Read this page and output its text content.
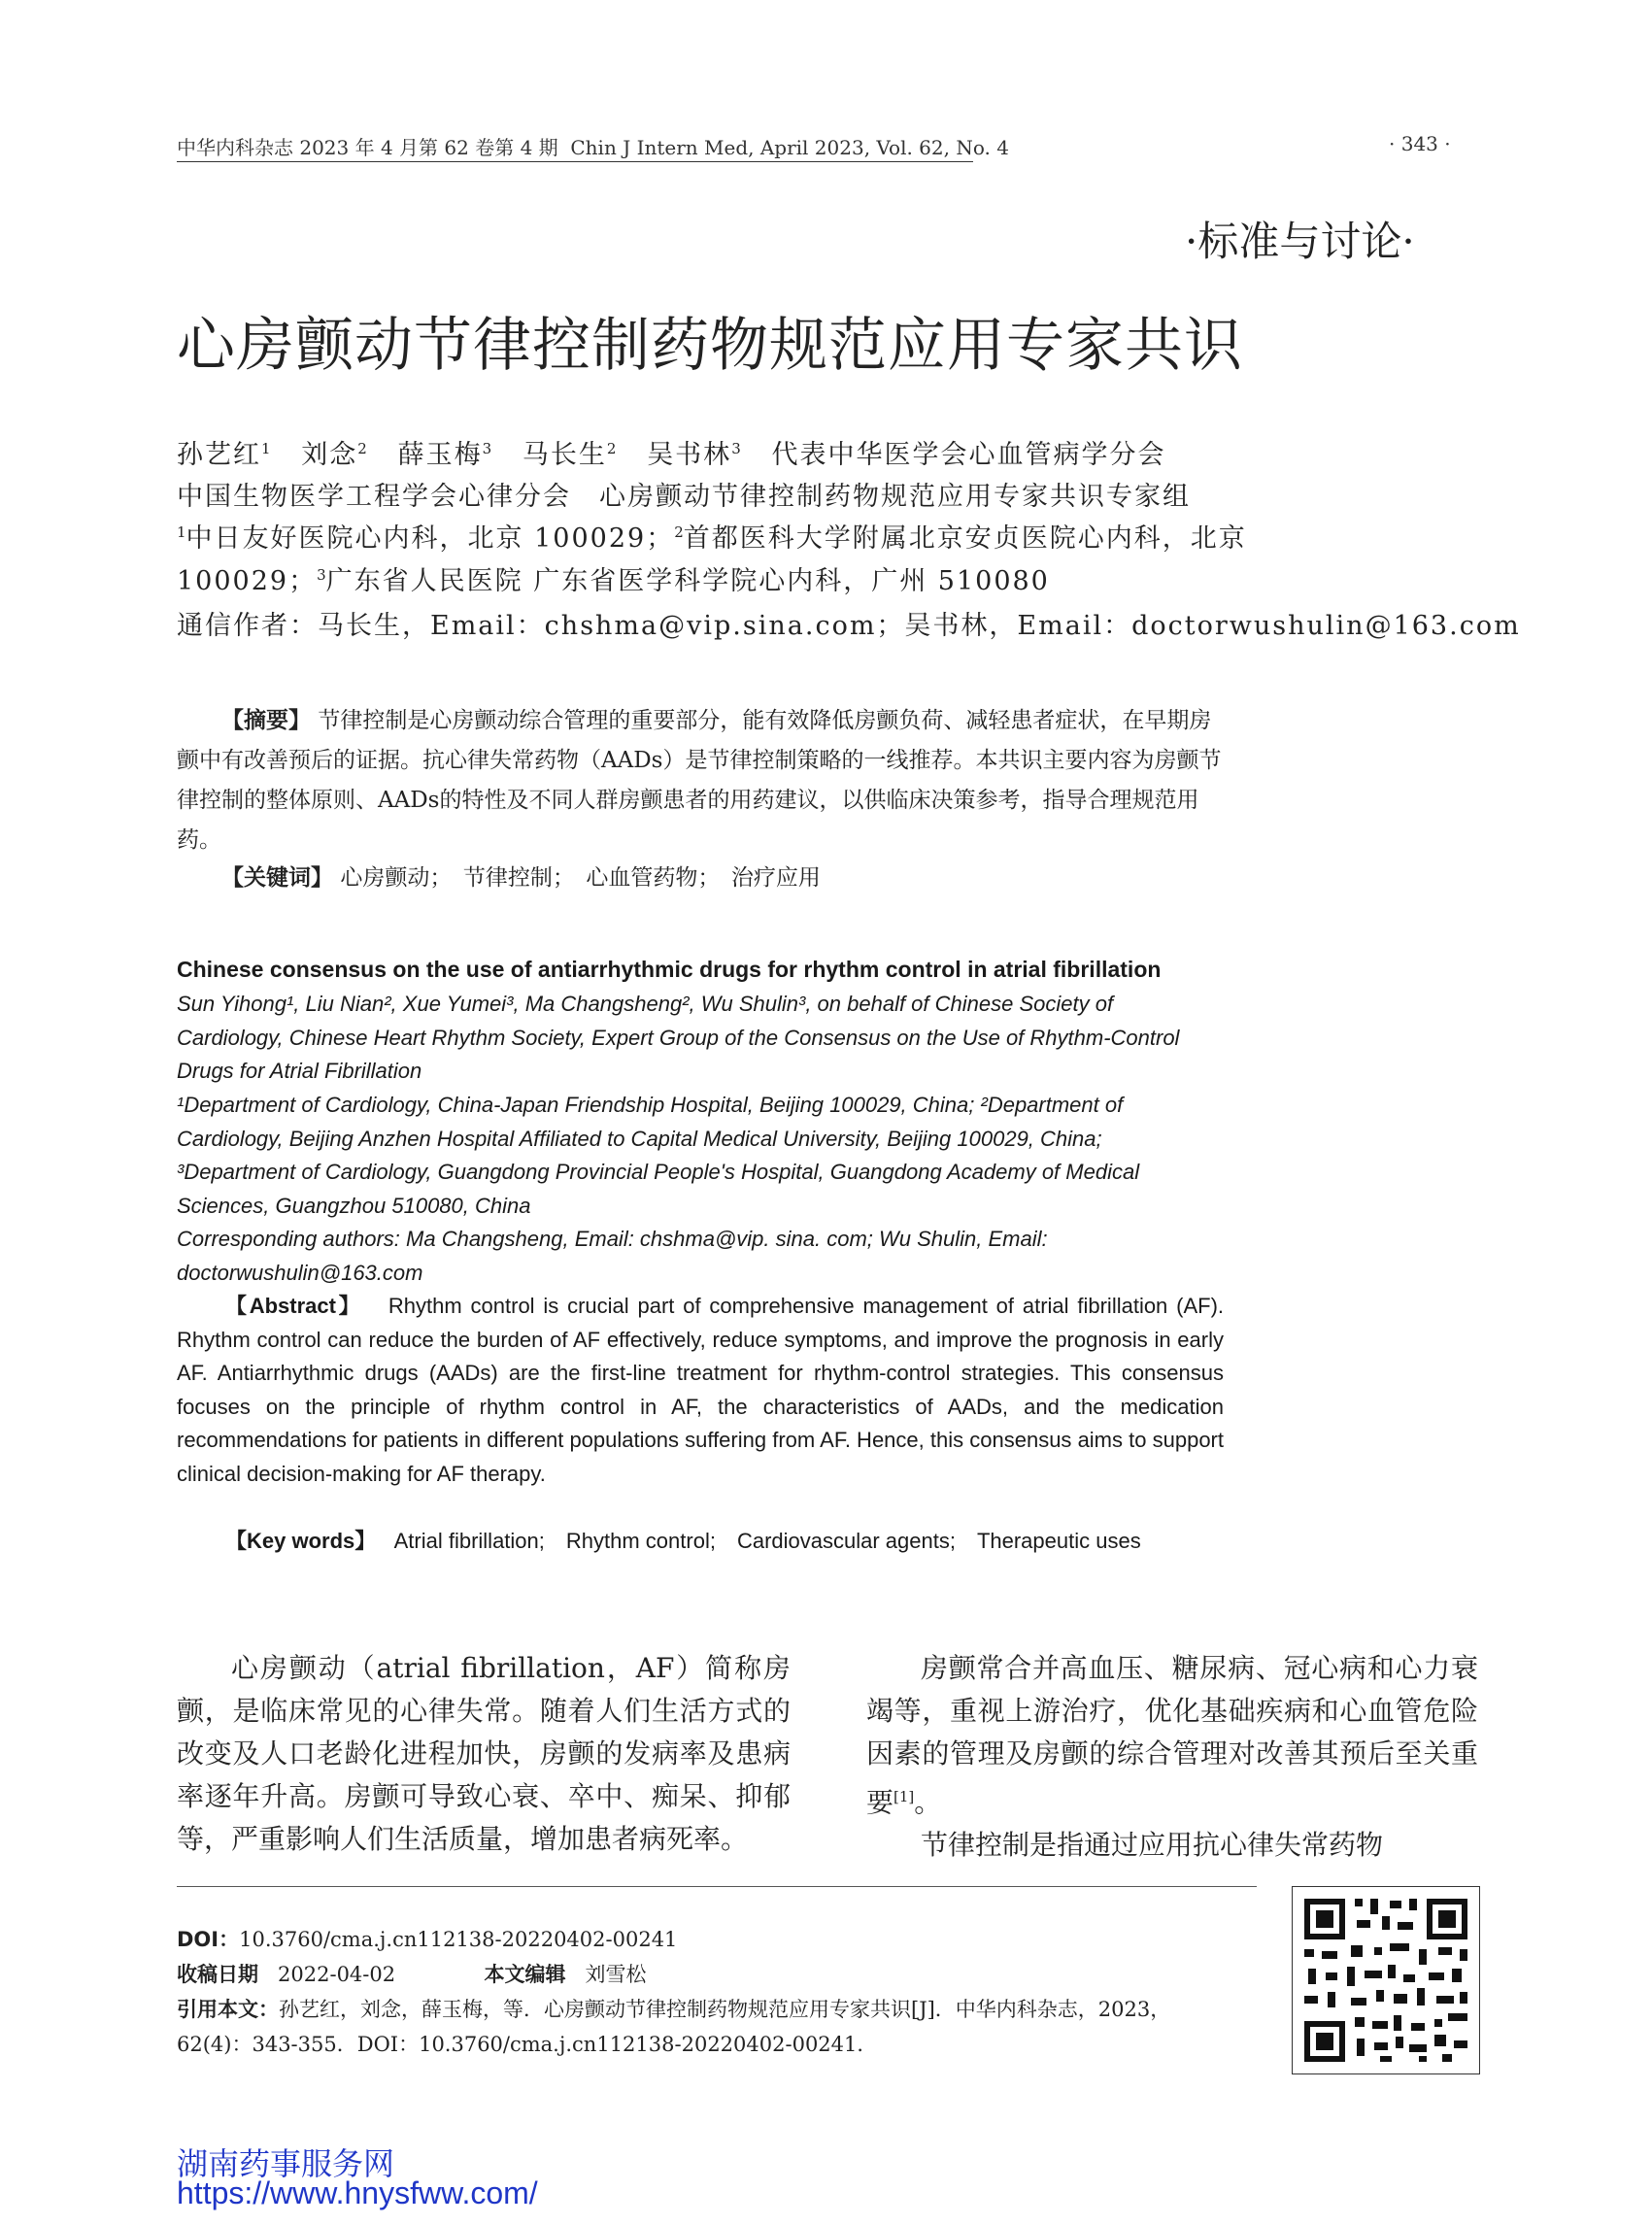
中华内科杂志 2023 年 4 月第 62 卷第 4 期 Chin J Intern Med, April 2023, Vol. 62, No. 4	· 343 ·
·标准与讨论·
心房颤动节律控制药物规范应用专家共识
孙艺红$^1$ 刘念$^2$ 薛玉梅$^3$ 马长生$^2$ 吴书林$^3$ 代表中华医学会心血管病学分会
中国生物医学工程学会心律分会　心房颤动节律控制药物规范应用专家共识专家组
$^1$中日友好医院心内科，北京 100029；$^2$首都医科大学附属北京安贞医院心内科，北京
100029；$^3$广东省人民医院 广东省医学科学院心内科，广州 510080
通信作者：马长生，Email：chshma@vip.sina.com；吴书林，Email：doctorwushulin@163.com
【摘要】 节律控制是心房颤动综合管理的重要部分，能有效降低房颤负荷、减轻患者症状，在早期房颤中有改善预后的证据。抗心律失常药物（AADs）是节律控制策略的一线推荐。本共识主要内容为房颤节律控制的整体原则、AADs的特性及不同人群房颤患者的用药建议，以供临床决策参考，指导合理规范用药。
【关键词】 心房颤动；　节律控制；　心血管药物；　治疗应用
Chinese consensus on the use of antiarrhythmic drugs for rhythm control in atrial fibrillation
Sun Yihong¹, Liu Nian², Xue Yumei³, Ma Changsheng², Wu Shulin³, on behalf of Chinese Society of Cardiology, Chinese Heart Rhythm Society, Expert Group of the Consensus on the Use of Rhythm-Control Drugs for Atrial Fibrillation
¹Department of Cardiology, China-Japan Friendship Hospital, Beijing 100029, China; ²Department of Cardiology, Beijing Anzhen Hospital Affiliated to Capital Medical University, Beijing 100029, China; ³Department of Cardiology, Guangdong Provincial People's Hospital, Guangdong Academy of Medical Sciences, Guangzhou 510080, China
Corresponding authors: Ma Changsheng, Email: chshma@vip. sina. com; Wu Shulin, Email: doctorwushulin@163.com
【Abstract】 Rhythm control is crucial part of comprehensive management of atrial fibrillation (AF). Rhythm control can reduce the burden of AF effectively, reduce symptoms, and improve the prognosis in early AF. Antiarrhythmic drugs (AADs) are the first-line treatment for rhythm-control strategies. This consensus focuses on the principle of rhythm control in AF, the characteristics of AADs, and the medication recommendations for patients in different populations suffering from AF. Hence, this consensus aims to support clinical decision-making for AF therapy.
【Key words】 Atrial fibrillation;　Rhythm control;　Cardiovascular agents;　Therapeutic uses

心房颤动（atrial fibrillation，AF）简称房颤，是临床常见的心律失常。随着人们生活方式的改变及人口老龄化进程加快，房颤的发病率及患病率逐年升高。房颤可导致心衰、卒中、痴呆、抑郁等，严重影响人们生活质量，增加患者病死率。

房颤常合并高血压、糖尿病、冠心病和心力衰竭等，重视上游治疗，优化基础疾病和心血管危险因素的管理及房颤的综合管理对改善其预后至关重要[1]。

节律控制是指通过应用抗心律失常药物

DOI：10.3760/cma.j.cn112138-20220402-00241
收稿日期 2022-04-02	本文编辑 刘雪松
引用本文：孙艺红，刘念，薛玉梅，等．心房颤动节律控制药物规范应用专家共识[J]．中华内科杂志，2023，
62(4)：343-355．DOI：10.3760/cma.j.cn112138-20220402-00241．
湖南药事服务网
https://www.hnysfww.com/
